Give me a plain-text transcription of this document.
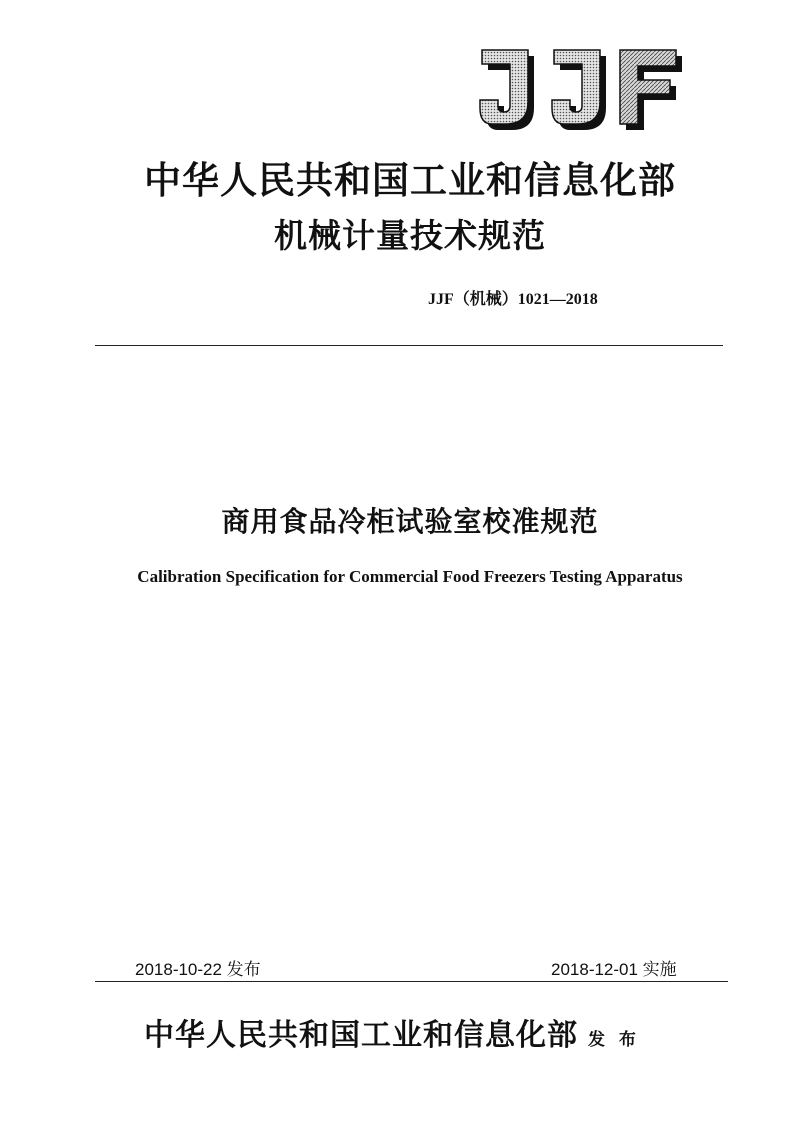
中华人民共和国工业和信息化部
机械计量技术规范
JJF（机械）1021—2018
商用食品冷柜试验室校准规范
Calibration Specification for Commercial Food Freezers Testing Apparatus
2018-10-22 发布	2018-12-01 实施
中华人民共和国工业和信息化部 发 布
